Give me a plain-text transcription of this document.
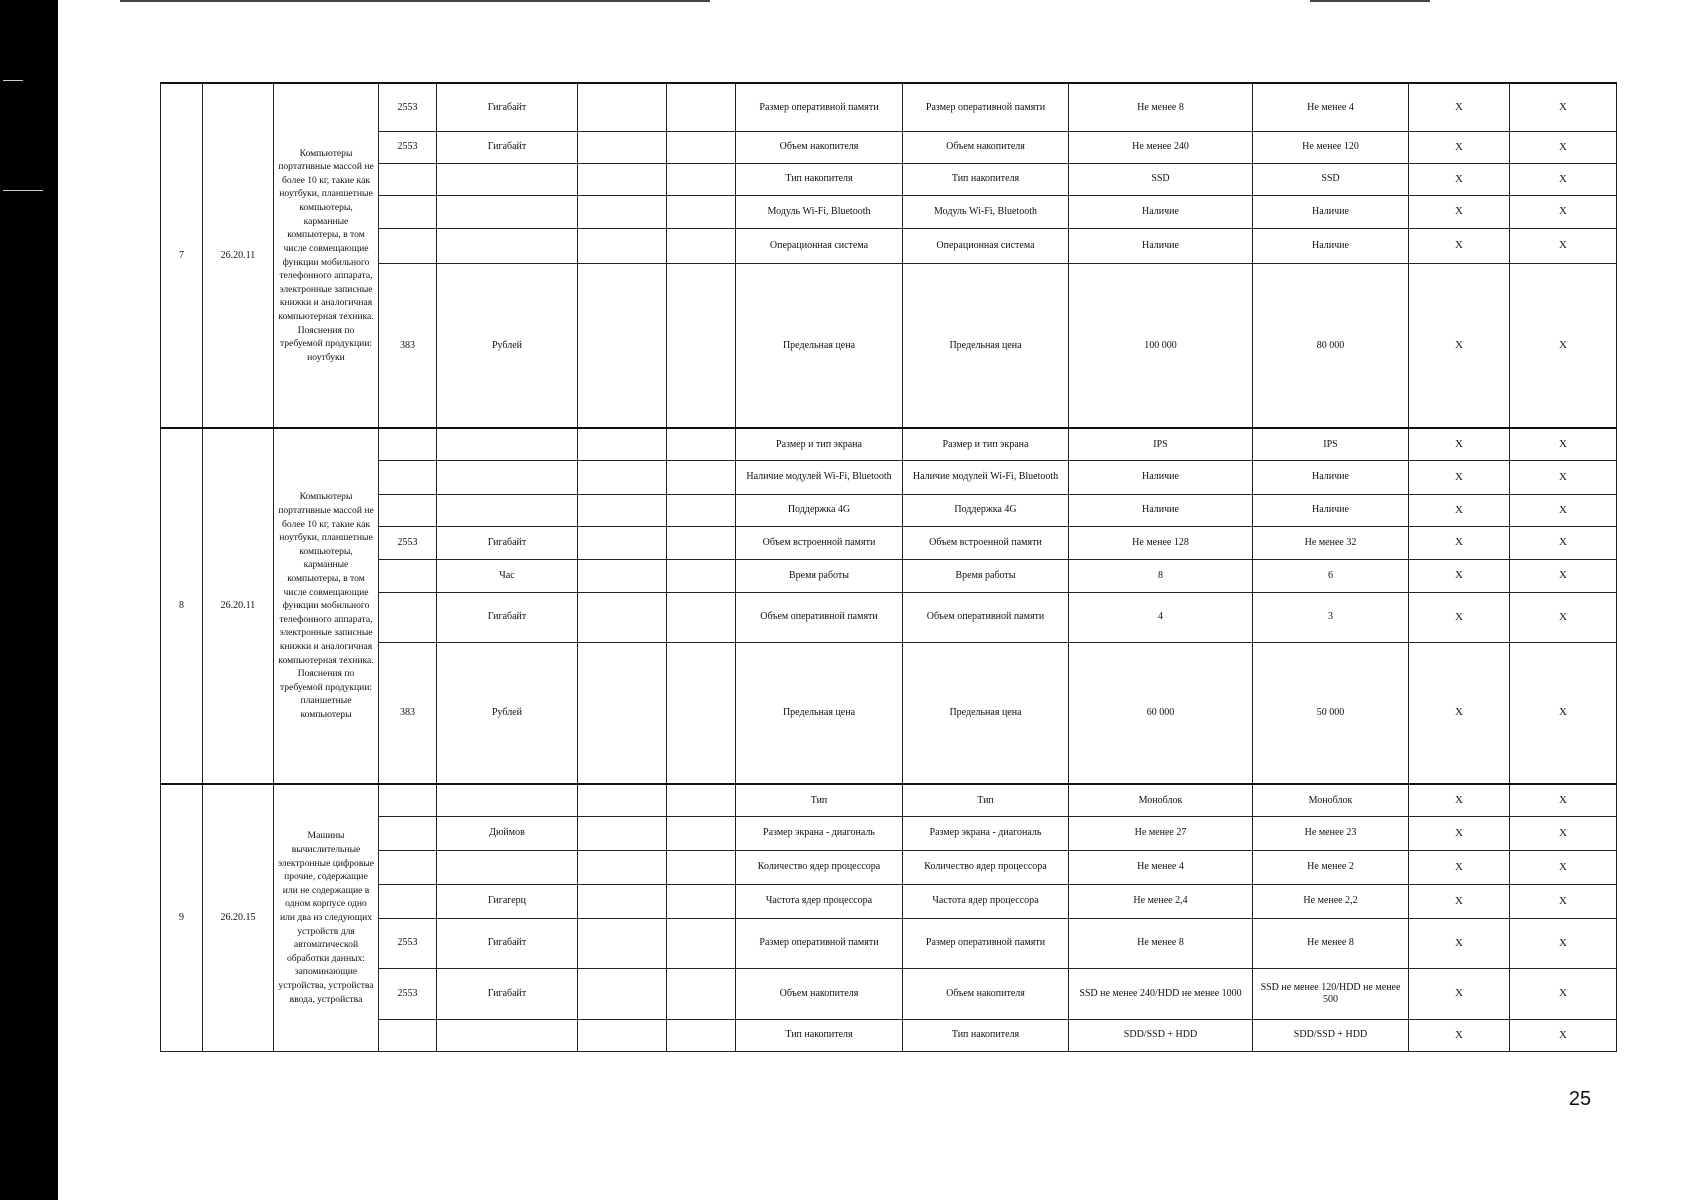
7	26.20.11	Компьютеры портативные массой не более 10 кг, такие как ноутбуки, планшетные компьютеры, карманные компьютеры, в том числе совмещающие функции мобильного телефонного аппарата, электронные записные книжки и аналогичная компьютерная техника. Пояснения по требуемой продукции: ноутбуки	2553	Гигабайт			Размер оперативной памяти	Размер оперативной памяти	Не менее 8	Не менее 4	X	X
			2553	Гигабайт			Объем накопителя	Объем накопителя	Не менее 240	Не менее 120	X	X
							Тип накопителя	Тип накопителя	SSD	SSD	X	X
							Модуль Wi-Fi, Bluetooth	Модуль Wi-Fi, Bluetooth	Наличие	Наличие	X	X
							Операционная система	Операционная система	Наличие	Наличие	X	X
			383	Рублей			Предельная цена	Предельная цена	100 000	80 000	X	X
8	26.20.11	Компьютеры портативные массой не более 10 кг, такие как ноутбуки, планшетные компьютеры, карманные компьютеры, в том числе совмещающие функции мобильного телефонного аппарата, электронные записные книжки и аналогичная компьютерная техника. Пояснения по требуемой продукции: планшетные компьютеры					Размер и тип экрана	Размер и тип экрана	IPS	IPS	X	X
							Наличие модулей Wi-Fi, Bluetooth	Наличие модулей Wi-Fi, Bluetooth	Наличие	Наличие	X	X
							Поддержка 4G	Поддержка 4G	Наличие	Наличие	X	X
			2553	Гигабайт			Объем встроенной памяти	Объем встроенной памяти	Не менее 128	Не менее 32	X	X
				Час			Время работы	Время работы	8	6	X	X
				Гигабайт			Объем оперативной памяти	Объем оперативной памяти	4	3	X	X
			383	Рублей			Предельная цена	Предельная цена	60 000	50 000	X	X
9	26.20.15	Машины вычислительные электронные цифровые прочие, содержащие или не содержащие в одном корпусе одно или два из следующих устройств для автоматической обработки данных: запоминающие устройства, устройства ввода, устройства					Тип	Тип	Моноблок	Моноблок	X	X
				Дюймов			Размер экрана - диагональ	Размер экрана - диагональ	Не менее 27	Не менее 23	X	X
							Количество ядер процессора	Количество ядер процессора	Не менее 4	Не менее 2	X	X
				Гигагерц			Частота ядер процессора	Частота ядер процессора	Не менее 2,4	Не менее 2,2	X	X
			2553	Гигабайт			Размер оперативной памяти	Размер оперативной памяти	Не менее 8	Не менее 8	X	X
			2553	Гигабайт			Объем накопителя	Объем накопителя	SSD не менее 240/HDD не менее 1000	SSD не менее 120/HDD не менее 500	X	X
							Тип накопителя	Тип накопителя	SDD/SSD + HDD	SDD/SSD + HDD	X	X
25
